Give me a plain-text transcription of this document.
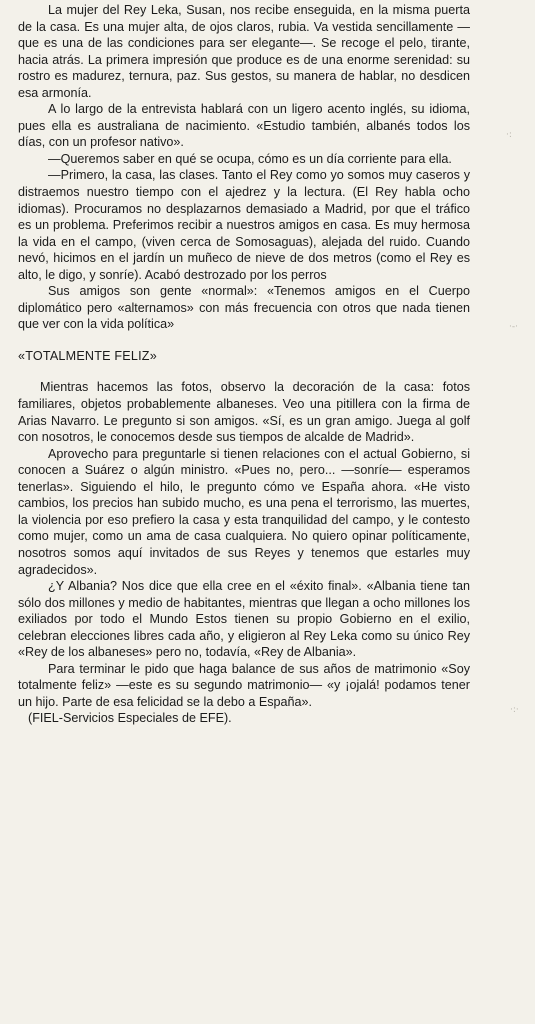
La mujer del Rey Leka, Susan, nos recibe enseguida, en la misma puerta de la casa. Es una mujer alta, de ojos claros, rubia. Va vestida sencillamente —que es una de las condiciones para ser elegante—. Se recoge el pelo, tirante, hacia atrás. La primera impresión que produce es de una enorme serenidad: su rostro es madurez, ternura, paz. Sus gestos, su manera de hablar, no desdicen esa armonía.

A lo largo de la entrevista hablará con un ligero acento inglés, su idioma, pues ella es australiana de nacimiento. «Estudio también, albanés todos los días, con un profesor nativo».

—Queremos saber en qué se ocupa, cómo es un día corriente para ella.

—Primero, la casa, las clases. Tanto el Rey como yo somos muy caseros y distraemos nuestro tiempo con el ajedrez y la lectura. (El Rey habla ocho idiomas). Procuramos no desplazarnos demasiado a Madrid, por que el tráfico es un problema. Preferimos recibir a nuestros amigos en casa. Es muy hermosa la vida en el campo, (viven cerca de Somosaguas), alejada del ruido. Cuando nevó, hicimos en el jardín un muñeco de nieve de dos metros (como el Rey es alto, le digo, y sonríe). Acabó destrozado por los perros

Sus amigos son gente «normal»: «Tenemos amigos en el Cuerpo diplomático pero «alternamos» con más frecuencia con otros que nada tienen que ver con la vida política»

«TOTALMENTE FELIZ»

Mientras hacemos las fotos, observo la decoración de la casa: fotos familiares, objetos probablemente albaneses. Veo una pitillera con la firma de Arias Navarro. Le pregunto si son amigos. «Sí, es un gran amigo. Juega al golf con nosotros, le conocemos desde sus tiempos de alcalde de Madrid».

Aprovecho para preguntarle si tienen relaciones con el actual Gobierno, si conocen a Suárez o algún ministro. «Pues no, pero... —sonríe— esperamos tenerlas». Siguiendo el hilo, le pregunto cómo ve España ahora. «He visto cambios, los precios han subido mucho, es una pena el terrorismo, las muertes, la violencia por eso prefiero la casa y esta tranquilidad del campo, y le contesto como mujer, como un ama de casa cualquiera. No quiero opinar políticamente, nosotros somos aquí invitados de sus Reyes y tenemos que estarles muy agradecidos».

¿Y Albania? Nos dice que ella cree en el «éxito final». «Albania tiene tan sólo dos millones y medio de habitantes, mientras que llegan a ocho millones los exiliados por todo el Mundo Estos tienen su propio Gobierno en el exilio, celebran elecciones libres cada año, y eligieron al Rey Leka como su único Rey «Rey de los albaneses» pero no, todavía, «Rey de Albania».

Para terminar le pido que haga balance de sus años de matrimonio «Soy totalmente feliz» —este es su segundo matrimonio— «y ¡ojalá! podamos tener un hijo. Parte de esa felicidad se la debo a España».

(FIEL-Servicios Especiales de EFE).

·:
·-·
·:·
